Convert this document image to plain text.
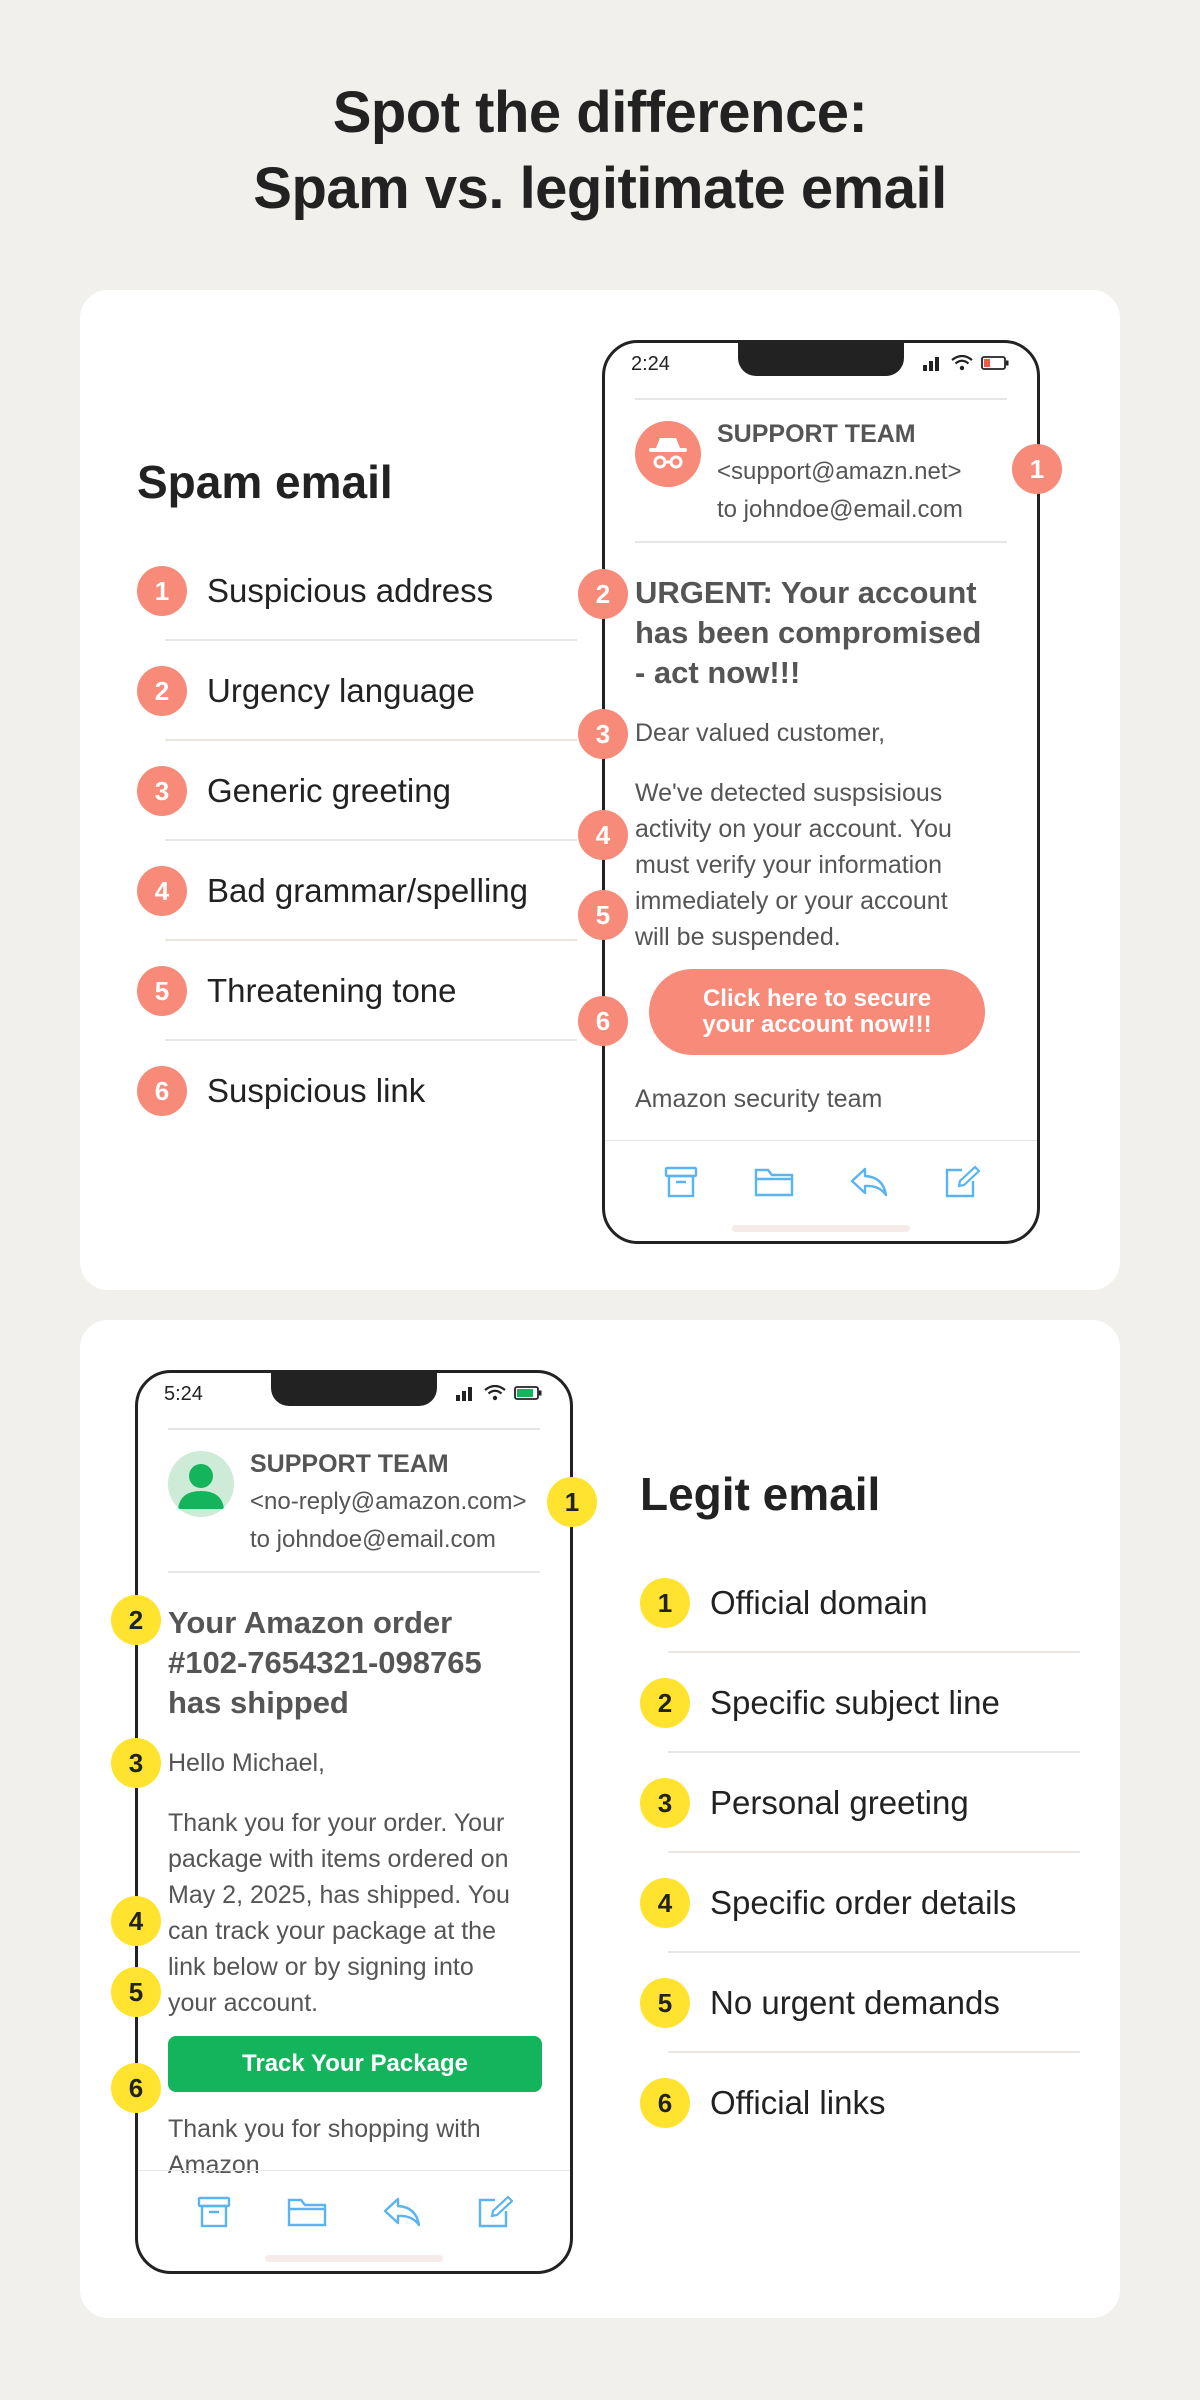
Spot the difference:
Spam vs. legitimate email
Spam email
1	Suspicious address
2	Urgency language
3	Generic greeting
4	Bad grammar/spelling
5	Threatening tone
6	Suspicious link
2:24
SUPPORT TEAM
<support@amazn.net>
to johndoe@email.com
URGENT: Your account
has been compromised
- act now!!!
Dear valued customer,
We've detected suspsisious
activity on your account. You
must verify your information
immediately or your account
will be suspended.
Click here to secure
your account now!!!
Amazon security team
1
2
3
4
5
6
5:24
SUPPORT TEAM
<no-reply@amazon.com>
to johndoe@email.com
Your Amazon order
#102-7654321-098765
has shipped
Hello Michael,
Thank you for your order. Your
package with items ordered on
May 2, 2025, has shipped. You
can track your package at the
link below or by signing into
your account.
Track Your Package
Thank you for shopping with
Amazon
1
2
3
4
5
6
Legit email
1	Official domain
2	Specific subject line
3	Personal greeting
4	Specific order details
5	No urgent demands
6	Official links
